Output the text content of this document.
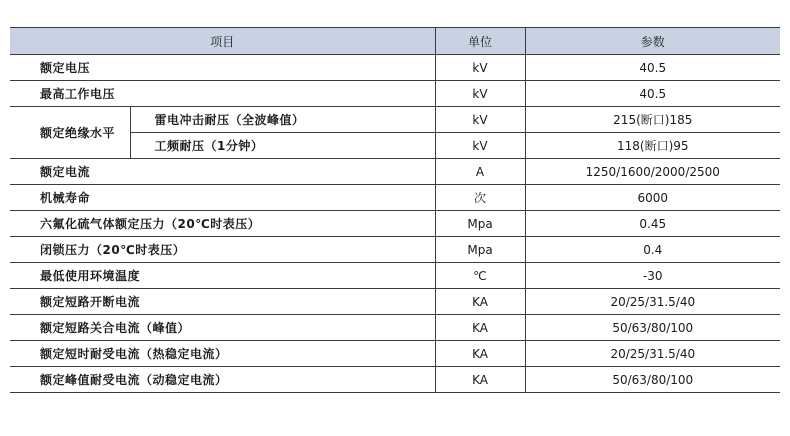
项目		单位	参数
额定电压		kV	40.5
最高工作电压		kV	40.5
额定绝缘水平	雷电冲击耐压（全波峰值）	kV	215(断口)185
	工频耐压（1分钟）	kV	118(断口)95
额定电流		A	1250/1600/2000/2500
机械寿命		次	6000
六氟化硫气体额定压力（20℃时表压）		Mpa	0.45
闭锁压力（20℃时表压）		Mpa	0.4
最低使用环境温度		℃	-30
额定短路开断电流		KA	20/25/31.5/40
额定短路关合电流（峰值）		KA	50/63/80/100
额定短时耐受电流（热稳定电流）		KA	20/25/31.5/40
额定峰值耐受电流（动稳定电流）		KA	50/63/80/100
